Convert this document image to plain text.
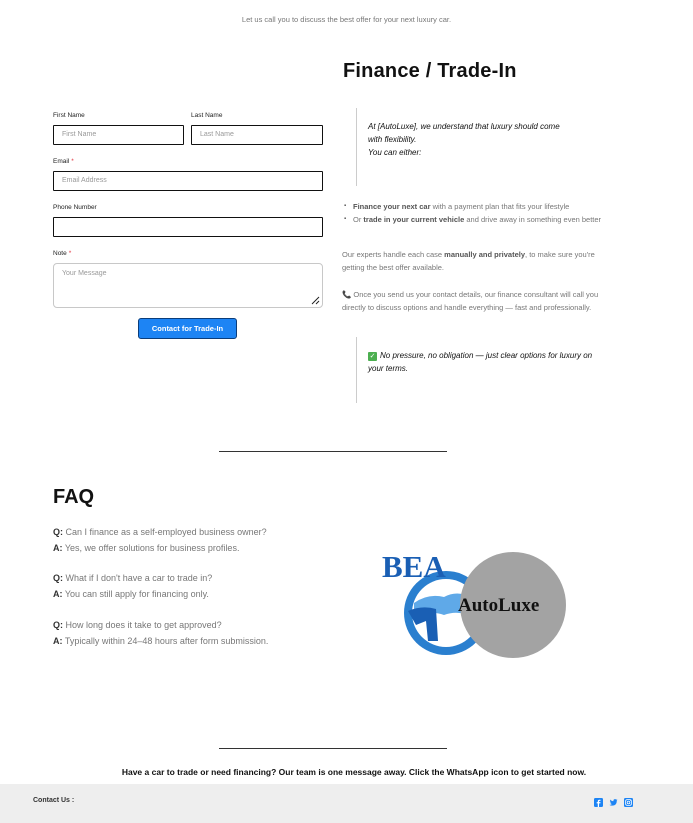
Let us call you to discuss the best offer for your next luxury car.
First Name
First Name
Last Name
Last Name
Email *
Email Address
Phone Number
Note *
Your Message
Contact for Trade-In
Finance / Trade-In
At [AutoLuxe], we understand that luxury should come
with flexibility.
You can either:
▪ Finance your next car with a payment plan that fits your lifestyle
▪ Or trade in your current vehicle and drive away in something even better
Our experts handle each case manually and privately, to make sure you're getting the best offer available.
📞 Once you send us your contact details, our finance consultant will call you directly to discuss options and handle everything — fast and professionally.
✓ No pressure, no obligation — just clear options for luxury on your terms.
FAQ
Q: Can I finance as a self-employed business owner?
A: Yes, we offer solutions for business profiles.
Q: What if I don't have a car to trade in?
A: You can still apply for financing only.
Q: How long does it take to get approved?
A: Typically within 24–48 hours after form submission.
BEA
AutoLuxe
Have a car to trade or need financing? Our team is one message away. Click the WhatsApp icon to get started now.
Contact Us :
